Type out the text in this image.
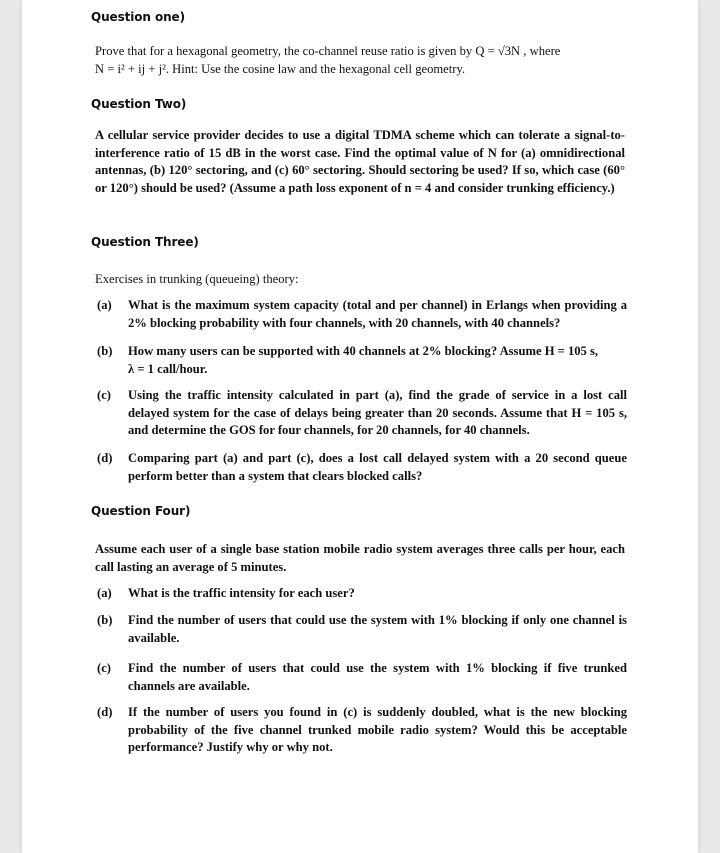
Question one)

Prove that for a hexagonal geometry, the co-channel reuse ratio is given by Q = √3N , where

N = i² + ij + j². Hint: Use the cosine law and the hexagonal cell geometry.

Question Two)

A cellular service provider decides to use a digital TDMA scheme which can tolerate a signal-to-interference ratio of 15 dB in the worst case. Find the optimal value of N for (a) omnidirectional antennas, (b) 120° sectoring, and (c) 60° sectoring. Should sectoring be used? If so, which case (60° or 120°) should be used? (Assume a path loss exponent of n = 4 and consider trunking efficiency.)

Question Three)

Exercises in trunking (queueing) theory:

(a) What is the maximum system capacity (total and per channel) in Erlangs when providing a 2% blocking probability with four channels, with 20 channels, with 40 channels?

(b) How many users can be supported with 40 channels at 2% blocking? Assume H = 105 s,

λ = 1 call/hour.

(c) Using the traffic intensity calculated in part (a), find the grade of service in a lost call delayed system for the case of delays being greater than 20 seconds. Assume that H = 105 s, and determine the GOS for four channels, for 20 channels, for 40 channels.

(d) Comparing part (a) and part (c), does a lost call delayed system with a 20 second queue perform better than a system that clears blocked calls?

Question Four)

Assume each user of a single base station mobile radio system averages three calls per hour, each call lasting an average of 5 minutes.

(a) What is the traffic intensity for each user?

(b) Find the number of users that could use the system with 1% blocking if only one channel is available.

(c) Find the number of users that could use the system with 1% blocking if five trunked channels are available.

(d) If the number of users you found in (c) is suddenly doubled, what is the new blocking probability of the five channel trunked mobile radio system? Would this be acceptable performance? Justify why or why not.
